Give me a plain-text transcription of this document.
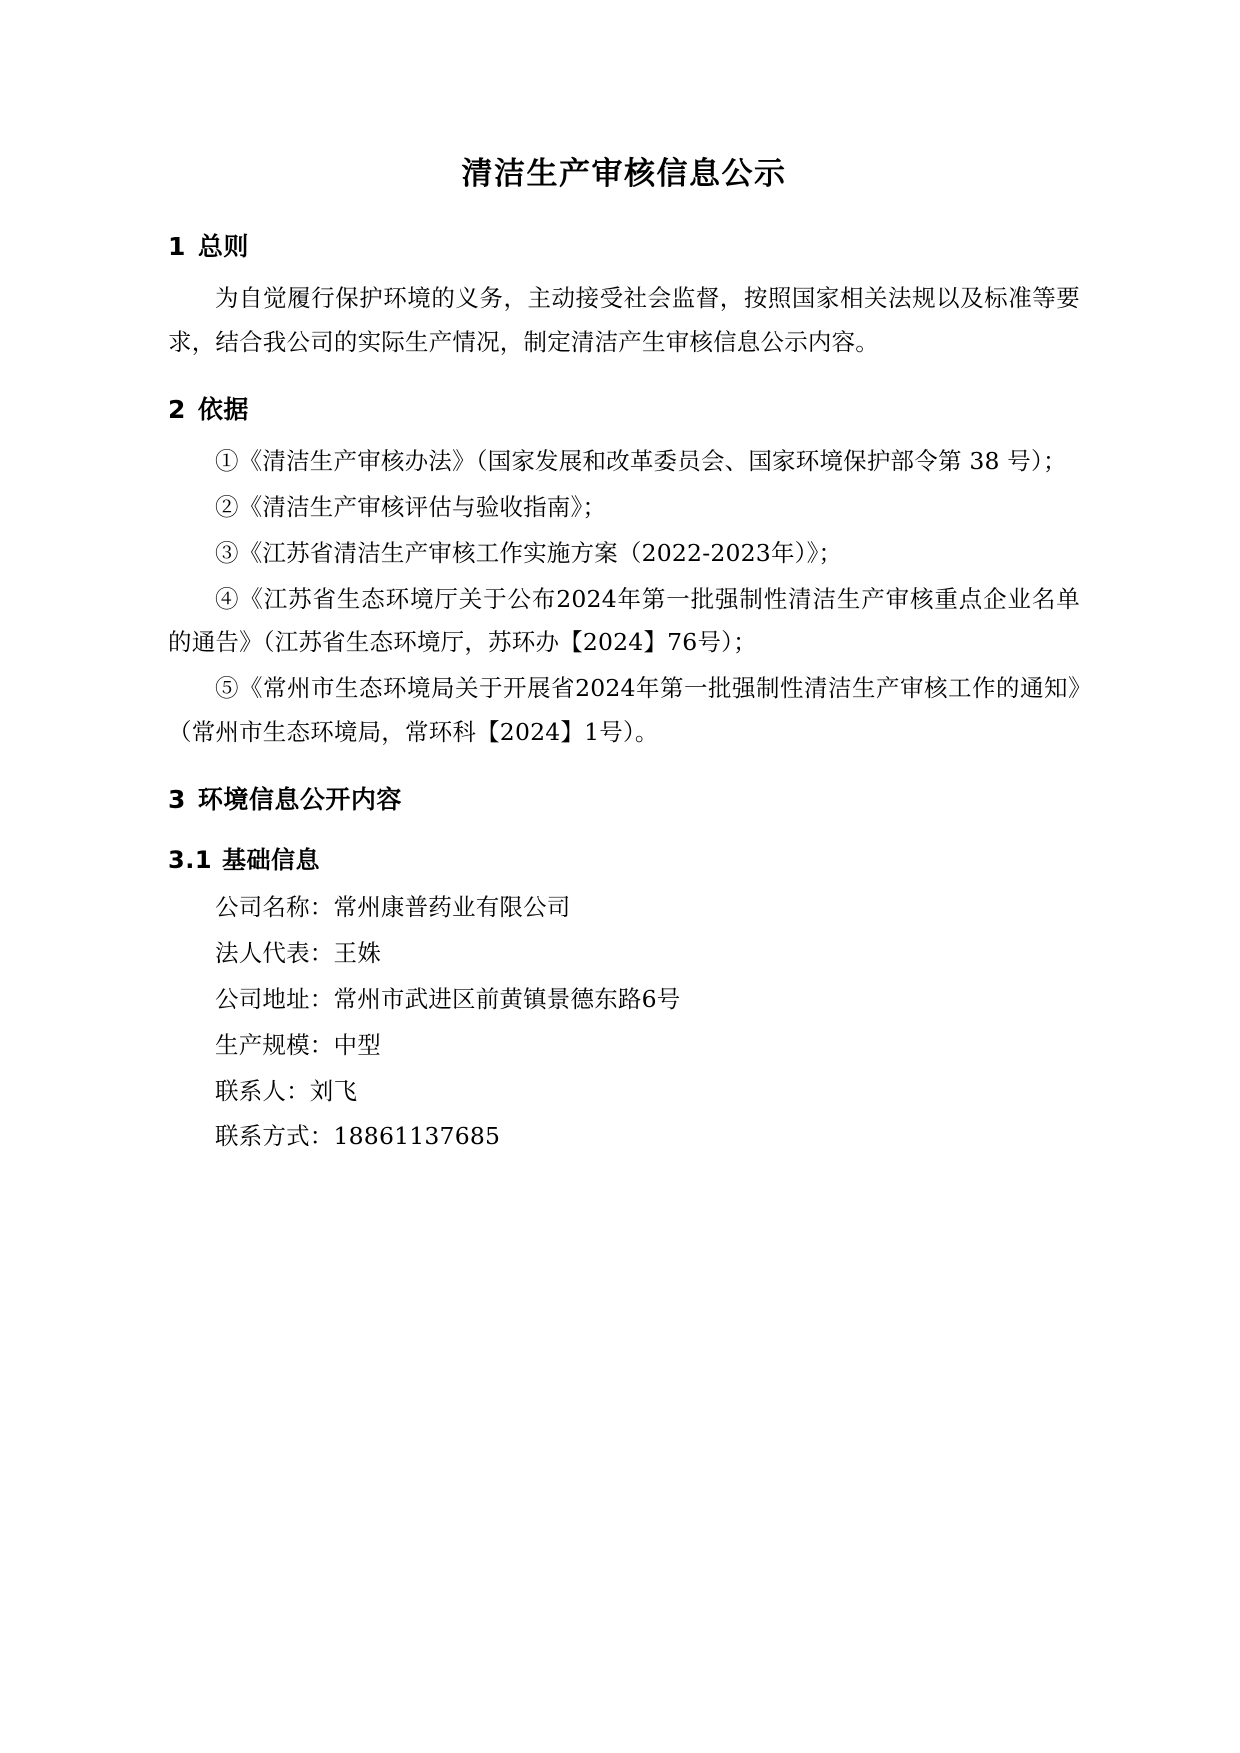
清洁生产审核信息公示
1 总则

为自觉履行保护环境的义务，主动接受社会监督，按照国家相关法规以及标准等要求，结合我公司的实际生产情况，制定清洁产生审核信息公示内容。

2 依据

①《清洁生产审核办法》（国家发展和改革委员会、国家环境保护部令第 38 号）；

②《清洁生产审核评估与验收指南》；

③《江苏省清洁生产审核工作实施方案（2022-2023年）》；

④《江苏省生态环境厅关于公布2024年第一批强制性清洁生产审核重点企业名单的通告》（江苏省生态环境厅，苏环办【2024】76号）；

⑤《常州市生态环境局关于开展省2024年第一批强制性清洁生产审核工作的通知》（常州市生态环境局，常环科【2024】1号）。

3 环境信息公开内容
3.1 基础信息
公司名称：常州康普药业有限公司
法人代表：王姝
公司地址：常州市武进区前黄镇景德东路6号
生产规模：中型
联系人：刘飞
联系方式：18861137685
